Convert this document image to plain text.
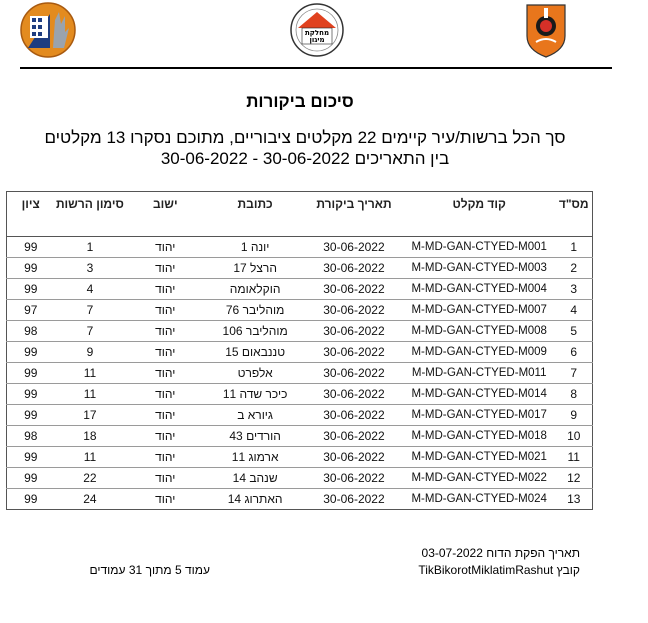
מחלקת
מיגון
סיכום ביקורות
סך הכל ברשות/עיר קיימים 22 מקלטים ציבוריים, מתוכם נסקרו 13 מקלטים
בין התאריכים 30-06-2022 - 30-06-2022
מס"ד	קוד מקלט	תאריך ביקורת	כתובת	ישוב	סימון הרשות	ציון
1	M-MD-GAN-CTYED-M001	30-06-2022	יונה 1	יהוד	1	99
2	M-MD-GAN-CTYED-M003	30-06-2022	הרצל 17	יהוד	3	99
3	M-MD-GAN-CTYED-M004	30-06-2022	הוקלאומה	יהוד	4	99
4	M-MD-GAN-CTYED-M007	30-06-2022	מוהליבר 76	יהוד	7	97
5	M-MD-GAN-CTYED-M008	30-06-2022	מוהליבר 106	יהוד	7	98
6	M-MD-GAN-CTYED-M009	30-06-2022	טננבאום 15	יהוד	9	99
7	M-MD-GAN-CTYED-M011	30-06-2022	אלפרט	יהוד	11	99
8	M-MD-GAN-CTYED-M014	30-06-2022	כיכר שדה 11	יהוד	11	99
9	M-MD-GAN-CTYED-M017	30-06-2022	גיורא ב	יהוד	17	99
10	M-MD-GAN-CTYED-M018	30-06-2022	הורדים 43	יהוד	18	98
11	M-MD-GAN-CTYED-M021	30-06-2022	ארמוג 11	יהוד	11	99
12	M-MD-GAN-CTYED-M022	30-06-2022	שנהב 14	יהוד	22	99
13	M-MD-GAN-CTYED-M024	30-06-2022	האתרוג 14	יהוד	24	99
תאריך הפקת הדוח 03-07-2022
קובץ TikBikorotMiklatimRashut
עמוד 5 מתוך 31 עמודים
